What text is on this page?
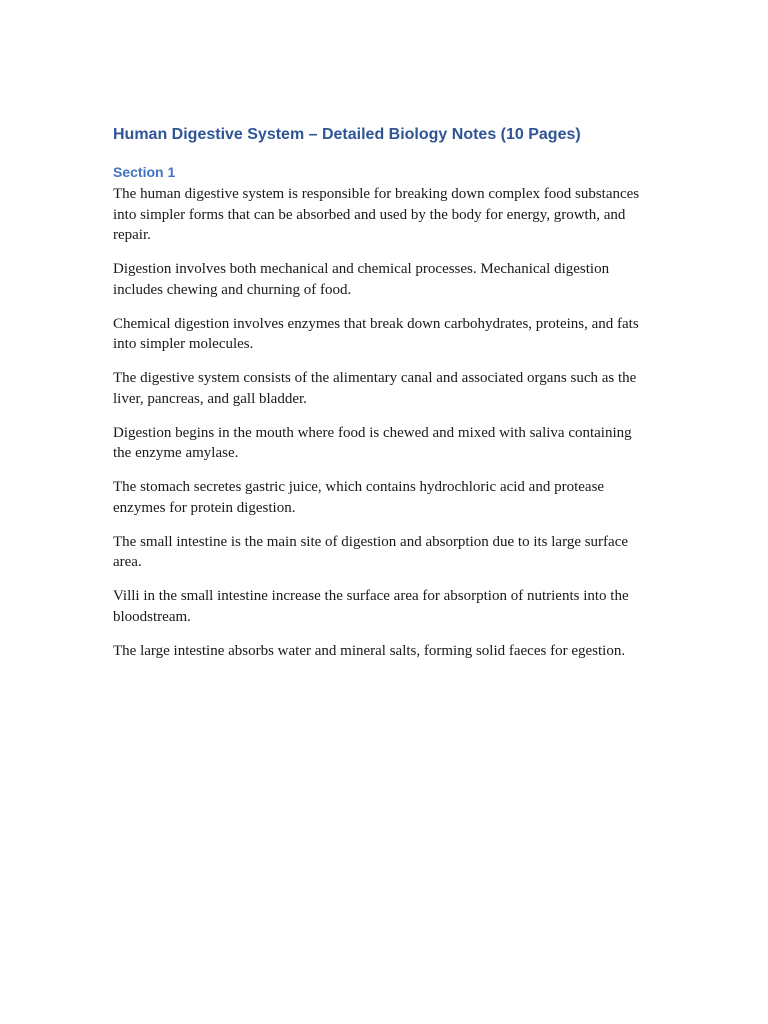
Human Digestive System – Detailed Biology Notes (10 Pages)
Section 1

The human digestive system is responsible for breaking down complex food substances into simpler forms that can be absorbed and used by the body for energy, growth, and repair.

Digestion involves both mechanical and chemical processes. Mechanical digestion includes chewing and churning of food.

Chemical digestion involves enzymes that break down carbohydrates, proteins, and fats into simpler molecules.

The digestive system consists of the alimentary canal and associated organs such as the liver, pancreas, and gall bladder.

Digestion begins in the mouth where food is chewed and mixed with saliva containing the enzyme amylase.

The stomach secretes gastric juice, which contains hydrochloric acid and protease enzymes for protein digestion.

The small intestine is the main site of digestion and absorption due to its large surface area.

Villi in the small intestine increase the surface area for absorption of nutrients into the bloodstream.

The large intestine absorbs water and mineral salts, forming solid faeces for egestion.
